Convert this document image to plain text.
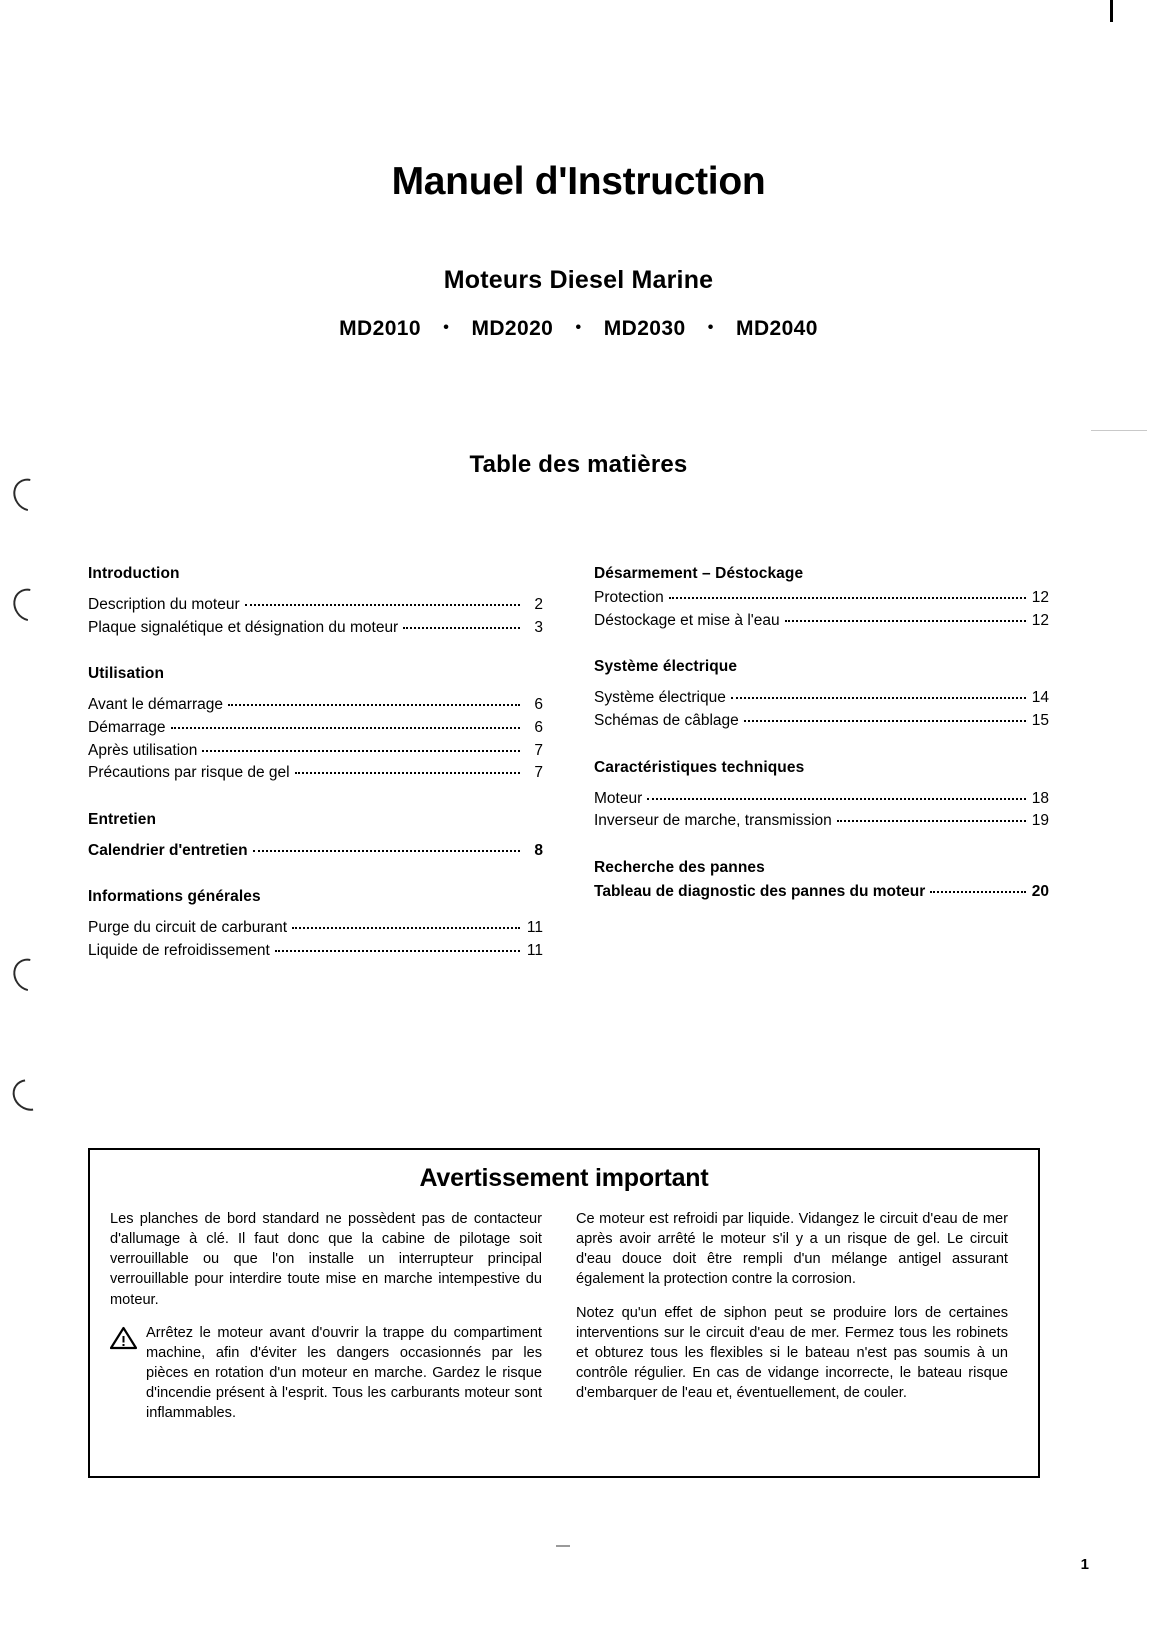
Manuel d'Instruction
Moteurs Diesel Marine
MD2010 • MD2020 • MD2030 • MD2040
Table des matières
Introduction
Description du moteur	2
Plaque signalétique et désignation du moteur	3
Utilisation
Avant le démarrage	6
Démarrage	6
Après utilisation	7
Précautions par risque de gel	7
Entretien
Calendrier d'entretien	8
Informations générales
Purge du circuit de carburant	11
Liquide de refroidissement	11
Désarmement – Déstockage
Protection	12
Déstockage et mise à l'eau	12
Système électrique
Système électrique	14
Schémas de câblage	15
Caractéristiques techniques
Moteur	18
Inverseur de marche, transmission	19
Recherche des pannes
Tableau de diagnostic des pannes du moteur	20
Avertissement important

Les planches de bord standard ne possèdent pas de contacteur d'allumage à clé. Il faut donc que la cabine de pilotage soit verrouillable ou que l'on installe un interrupteur principal verrouillable pour interdire toute mise en marche intempestive du moteur.

Arrêtez le moteur avant d'ouvrir la trappe du compartiment machine, afin d'éviter les dangers occasionnés par les pièces en rotation d'un moteur en marche. Gardez le risque d'incendie présent à l'esprit. Tous les carburants moteur sont inflammables.

Ce moteur est refroidi par liquide. Vidangez le circuit d'eau de mer après avoir arrêté le moteur s'il y a un risque de gel. Le circuit d'eau douce doit être rempli d'un mélange antigel assurant également la protection contre la corrosion.

Notez qu'un effet de siphon peut se produire lors de certaines interventions sur le circuit d'eau de mer. Fermez tous les robinets et obturez tous les flexibles si le bateau n'est pas soumis à un contrôle régulier. En cas de vidange incorrecte, le bateau risque d'embarquer de l'eau et, éventuellement, de couler.

1
